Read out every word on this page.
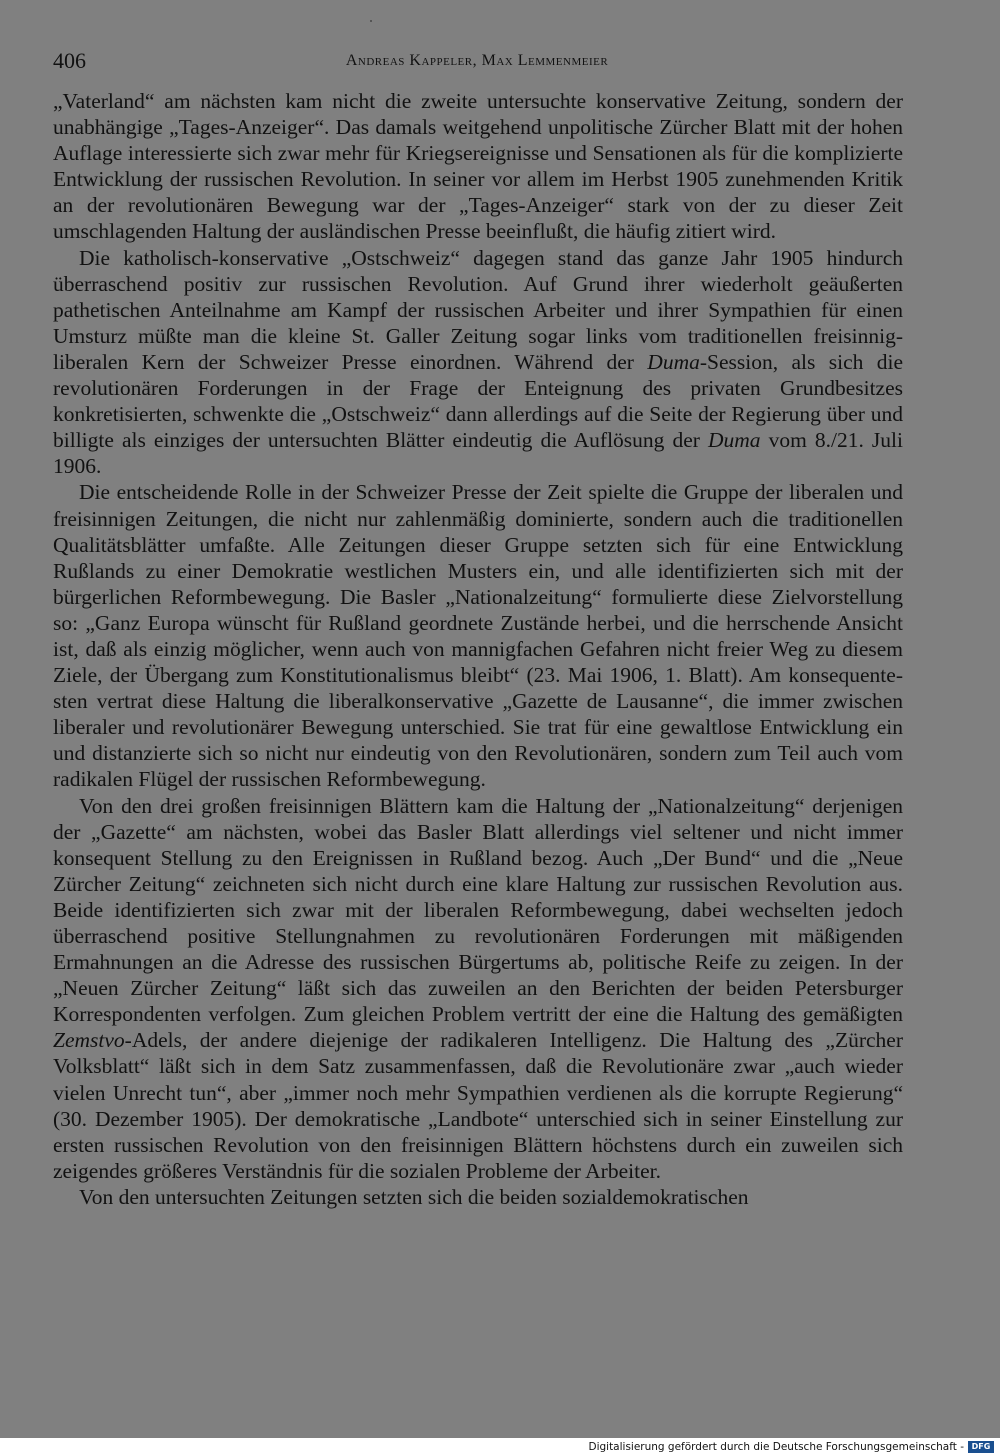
406	Andreas Kappeler, Max Lemmenmeier

„Vaterland“ am nächsten kam nicht die zweite untersuchte konservative Zeitung, sondern der unabhängige „Tages-Anzeiger“. Das damals weitgehend unpolitische Zürcher Blatt mit der hohen Auflage interessierte sich zwar mehr für Kriegsereignisse und Sensationen als für die komplizierte Entwicklung der russischen Revolution. In seiner vor allem im Herbst 1905 zunehmenden Kritik an der revolutionären Bewegung war der „Tages-Anzeiger“ stark von der zu dieser Zeit umschlagenden Haltung der ausländischen Presse beeinflußt, die häufig zitiert wird.

Die katholisch-konservative „Ostschweiz“ dagegen stand das ganze Jahr 1905 hindurch überraschend positiv zur russischen Revolution. Auf Grund ihrer wiederholt geäußerten pathetischen Anteilnahme am Kampf der russischen Arbeiter und ihrer Sympathien für einen Umsturz müßte man die kleine St. Galler Zeitung sogar links vom traditionellen freisinnig-liberalen Kern der Schweizer Presse einordnen. Während der Duma-Session, als sich die revolutionären Forderungen in der Frage der Enteignung des privaten Grundbesitzes konkretisierten, schwenkte die „Ostschweiz“ dann allerdings auf die Seite der Regierung über und billigte als einziges der untersuchten Blätter eindeutig die Auflösung der Duma vom 8./21. Juli 1906.

Die entscheidende Rolle in der Schweizer Presse der Zeit spielte die Gruppe der liberalen und freisinnigen Zeitungen, die nicht nur zahlenmäßig dominierte, sondern auch die traditionellen Qualitätsblätter umfaßte. Alle Zeitungen dieser Gruppe setzten sich für eine Entwicklung Rußlands zu einer Demokratie westlichen Musters ein, und alle identifizierten sich mit der bürgerlichen Reformbewegung. Die Basler „Nationalzeitung“ formulierte diese Zielvorstellung so: „Ganz Europa wünscht für Rußland geordnete Zustände herbei, und die herrschende Ansicht ist, daß als einzig möglicher, wenn auch von mannigfachen Gefahren nicht freier Weg zu diesem Ziele, der Übergang zum Konstitutionalismus bleibt“ (23. Mai 1906, 1. Blatt). Am konsequentesten vertrat diese Haltung die liberalkonservative „Gazette de Lausanne“, die immer zwischen liberaler und revolutionärer Bewegung unterschied. Sie trat für eine gewaltlose Entwicklung ein und distanzierte sich so nicht nur eindeutig von den Revolutionären, sondern zum Teil auch vom radikalen Flügel der russischen Reformbewegung.

Von den drei großen freisinnigen Blättern kam die Haltung der „Nationalzeitung“ derjenigen der „Gazette“ am nächsten, wobei das Basler Blatt allerdings viel seltener und nicht immer konsequent Stellung zu den Ereignissen in Rußland bezog. Auch „Der Bund“ und die „Neue Zürcher Zeitung“ zeichneten sich nicht durch eine klare Haltung zur russischen Revolution aus. Beide identifizierten sich zwar mit der liberalen Reformbewegung, dabei wechselten jedoch überraschend positive Stellungnahmen zu revolutionären Forderungen mit mäßigenden Ermahnungen an die Adresse des russischen Bürgertums ab, politische Reife zu zeigen. In der „Neuen Zürcher Zeitung“ läßt sich das zuweilen an den Berichten der beiden Petersburger Korrespondenten verfolgen. Zum gleichen Problem vertritt der eine die Haltung des gemäßigten Zemstvo-Adels, der andere diejenige der radikaleren Intelligenz. Die Haltung des „Zürcher Volksblatt“ läßt sich in dem Satz zusammenfassen, daß die Revolutionäre zwar „auch wieder vielen Unrecht tun“, aber „immer noch mehr Sympathien verdienen als die korrupte Regierung“ (30. Dezember 1905). Der demokratische „Landbote“ unterschied sich in seiner Einstellung zur ersten russischen Revolution von den freisinnigen Blättern höchstens durch ein zuweilen sich zeigendes größeres Verständnis für die sozialen Probleme der Arbeiter.

Von den untersuchten Zeitungen setzten sich die beiden sozialdemokratischen

Digitalisierung gefördert durch die Deutsche Forschungsgemeinschaft - DFG
